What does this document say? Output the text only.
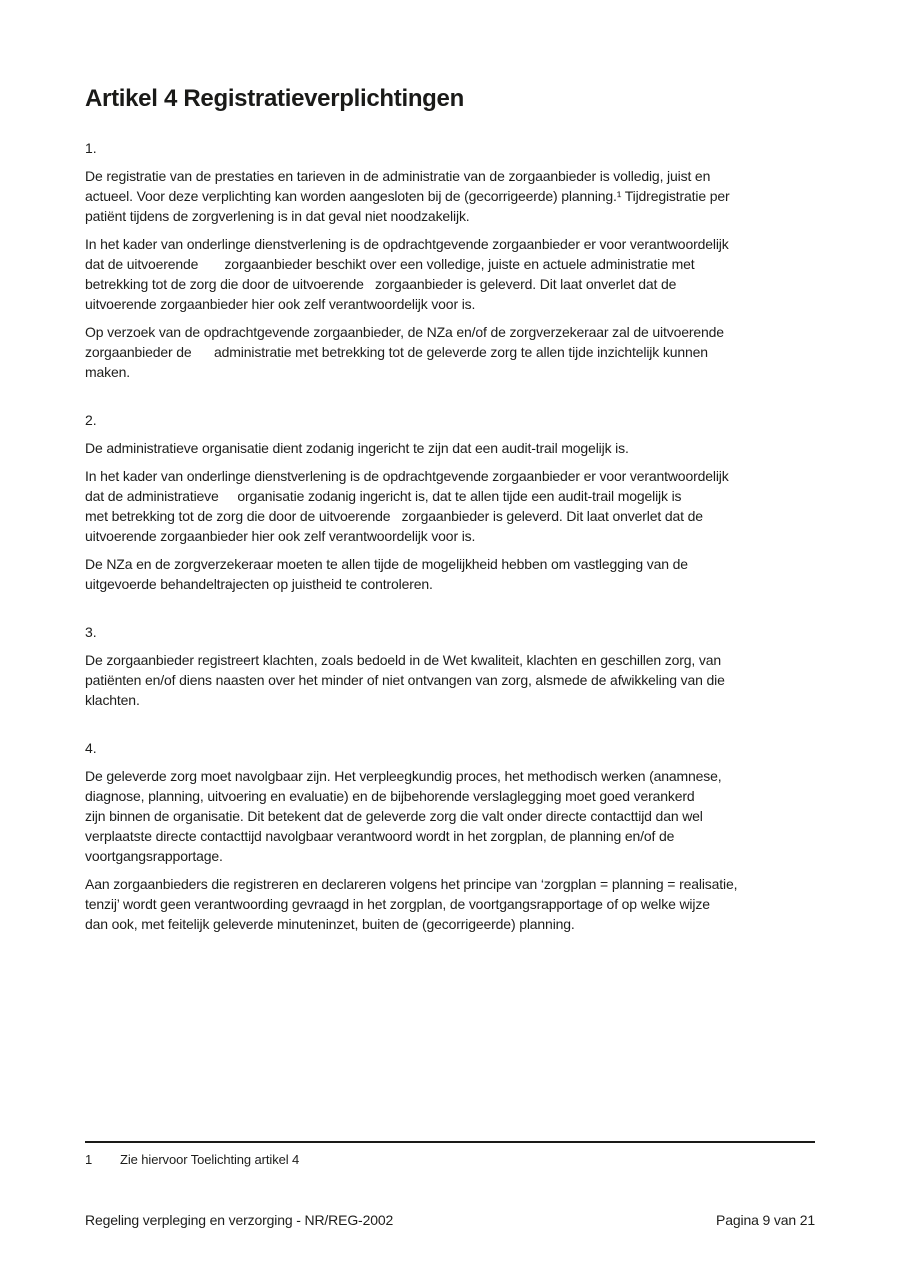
Artikel 4 Registratieverplichtingen
1.
De registratie van de prestaties en tarieven in de administratie van de zorgaanbieder is volledig, juist en
actueel. Voor deze verplichting kan worden aangesloten bij de (gecorrigeerde) planning.¹ Tijdregistratie per
patiënt tijdens de zorgverlening is in dat geval niet noodzakelijk.
In het kader van onderlinge dienstverlening is de opdrachtgevende zorgaanbieder er voor verantwoordelijk
dat de uitvoerende       zorgaanbieder beschikt over een volledige, juiste en actuele administratie met
betrekking tot de zorg die door de uitvoerende   zorgaanbieder is geleverd. Dit laat onverlet dat de
uitvoerende zorgaanbieder hier ook zelf verantwoordelijk voor is.
Op verzoek van de opdrachtgevende zorgaanbieder, de NZa en/of de zorgverzekeraar zal de uitvoerende
zorgaanbieder de      administratie met betrekking tot de geleverde zorg te allen tijde inzichtelijk kunnen
maken.
2.
De administratieve organisatie dient zodanig ingericht te zijn dat een audit-trail mogelijk is.
In het kader van onderlinge dienstverlening is de opdrachtgevende zorgaanbieder er voor verantwoordelijk
dat de administratieve     organisatie zodanig ingericht is, dat te allen tijde een audit-trail mogelijk is
met betrekking tot de zorg die door de uitvoerende   zorgaanbieder is geleverd. Dit laat onverlet dat de
uitvoerende zorgaanbieder hier ook zelf verantwoordelijk voor is.
De NZa en de zorgverzekeraar moeten te allen tijde de mogelijkheid hebben om vastlegging van de
uitgevoerde behandeltrajecten op juistheid te controleren.
3.
De zorgaanbieder registreert klachten, zoals bedoeld in de Wet kwaliteit, klachten en geschillen zorg, van
patiënten en/of diens naasten over het minder of niet ontvangen van zorg, alsmede de afwikkeling van die
klachten.
4.
De geleverde zorg moet navolgbaar zijn. Het verpleegkundig proces, het methodisch werken (anamnese,
diagnose, planning, uitvoering en evaluatie) en de bijbehorende verslaglegging moet goed verankerd
zijn binnen de organisatie. Dit betekent dat de geleverde zorg die valt onder directe contacttijd dan wel
verplaatste directe contacttijd navolgbaar verantwoord wordt in het zorgplan, de planning en/of de
voortgangsrapportage.
Aan zorgaanbieders die registreren en declareren volgens het principe van ‘zorgplan = planning = realisatie,
tenzij’ wordt geen verantwoording gevraagd in het zorgplan, de voortgangsrapportage of op welke wijze
dan ook, met feitelijk geleverde minuteninzet, buiten de (gecorrigeerde) planning.
1	Zie hiervoor Toelichting artikel 4
Regeling verpleging en verzorging - NR/REG-2002	Pagina 9 van 21
